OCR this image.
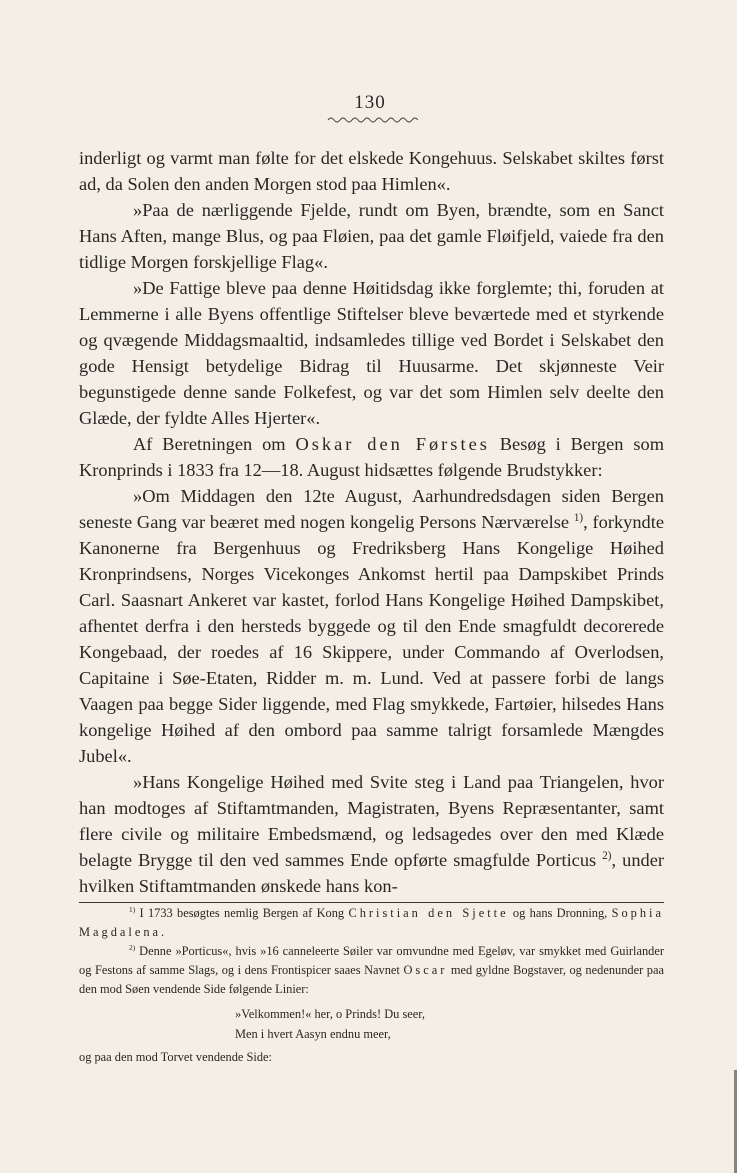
130

inderligt og varmt man følte for det elskede Kongehuus. Selskabet skiltes først ad, da Solen den anden Morgen stod paa Himlen«.

»Paa de nærliggende Fjelde, rundt om Byen, brændte, som en Sanct Hans Aften, mange Blus, og paa Fløien, paa det gamle Fløifjeld, vaiede fra den tidlige Morgen forskjellige Flag«.

»De Fattige bleve paa denne Høitidsdag ikke forglemte; thi, foruden at Lemmerne i alle Byens offentlige Stiftelser bleve beværtede med et styrkende og qvægende Middagsmaaltid, indsamledes tillige ved Bordet i Selskabet den gode Hensigt betydelige Bidrag til Huusarme. Det skjønneste Veir begunstigede denne sande Folkefest, og var det som Himlen selv deelte den Glæde, der fyldte Alles Hjerter«.

Af Beretningen om Oskar den Førstes Besøg i Bergen som Kronprinds i 1833 fra 12—18. August hidsættes følgende Brudstykker:

»Om Middagen den 12te August, Aarhundredsdagen siden Bergen seneste Gang var beæret med nogen kongelig Persons Nærværelse $^{1)}$, forkyndte Kanonerne fra Bergenhuus og Fredriksberg Hans Kongelige Høihed Kronprindsens, Norges Vicekonges Ankomst hertil paa Dampskibet Prinds Carl. Saasnart Ankeret var kastet, forlod Hans Kongelige Høihed Dampskibet, afhentet derfra i den hersteds byggede og til den Ende smagfuldt decorerede Kongebaad, der roedes af 16 Skippere, under Commando af Overlodsen, Capitaine i Søe-Etaten, Ridder m. m. Lund. Ved at passere forbi de langs Vaagen paa begge Sider liggende, med Flag smykkede, Fartøier, hilsedes Hans kongelige Høihed af den ombord paa samme talrigt forsamlede Mængdes Jubel«.

»Hans Kongelige Høihed med Svite steg i Land paa Triangelen, hvor han modtoges af Stiftamtmanden, Magistraten, Byens Repræsentanter, samt flere civile og militaire Embedsmænd, og ledsagedes over den med Klæde belagte Brygge til den ved sammes Ende opførte smagfulde Porticus $^{2)}$, under hvilken Stiftamtmanden ønskede hans kon-

$^{1)}$ I 1733 besøgtes nemlig Bergen af Kong Christian den Sjette og hans Dronning, Sophia Magdalena.

$^{2)}$ Denne »Porticus«, hvis »16 canneleerte Søiler var omvundne med Egeløv, var smykket med Guirlander og Festons af samme Slags, og i dens Frontispicer saaes Navnet Oscar med gyldne Bogstaver, og nedenunder paa den mod Søen vendende Side følgende Linier:

»Velkommen!« her, o Prinds! Du seer,
Men i hvert Aasyn endnu meer,

og paa den mod Torvet vendende Side:
